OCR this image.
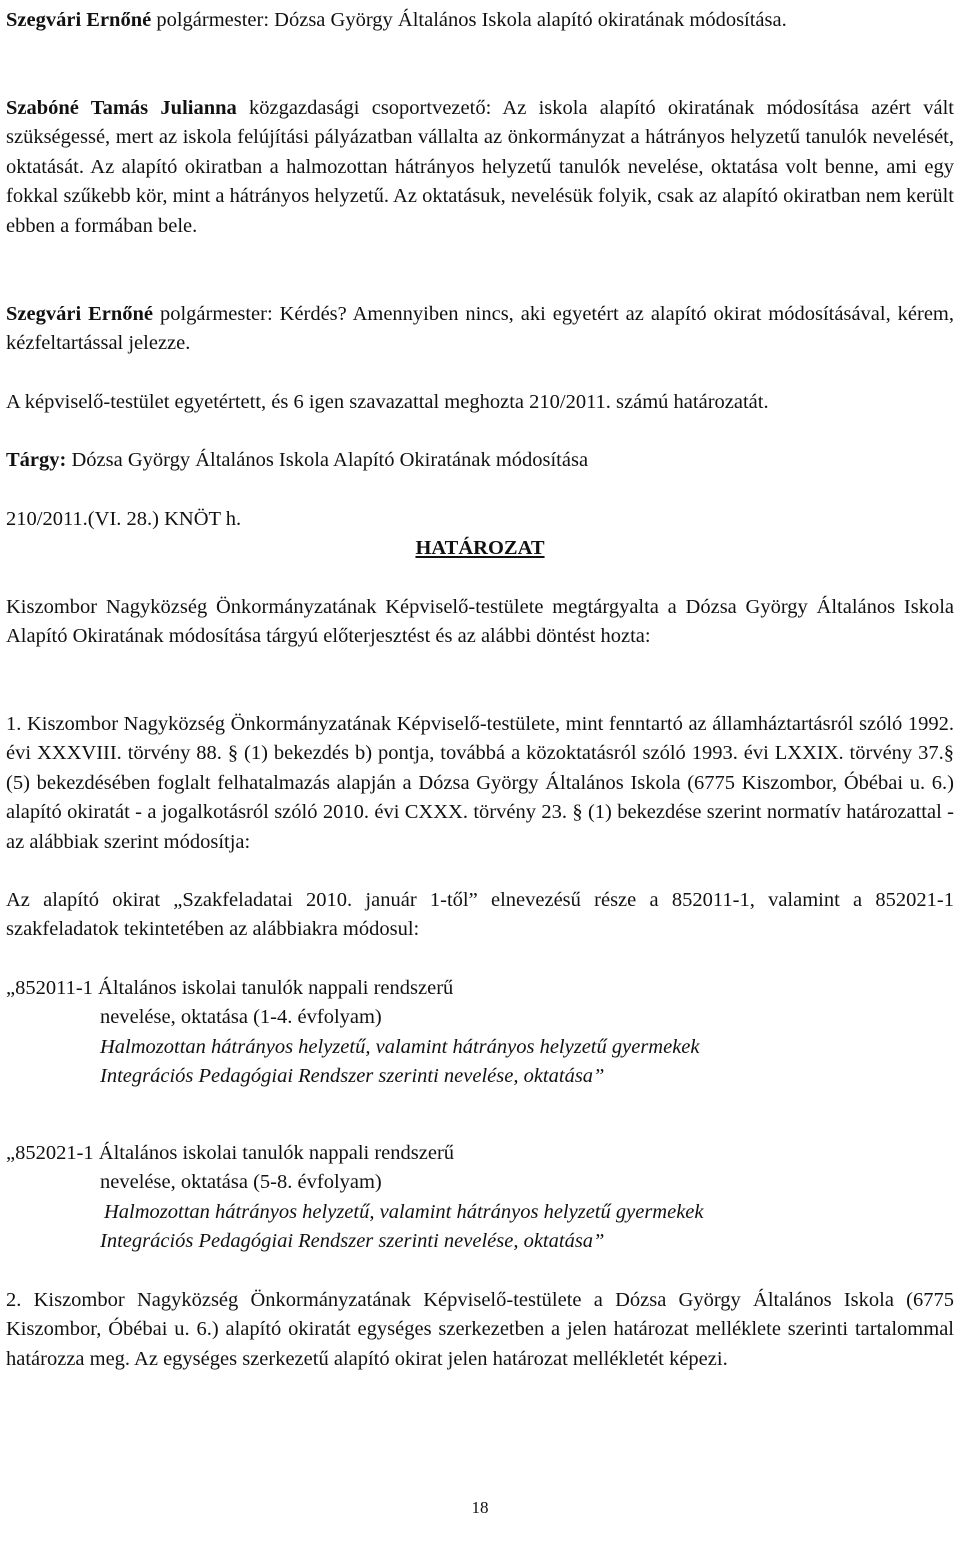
Szegvári Ernőné polgármester: Dózsa György Általános Iskola alapító okiratának módosítása.
Szabóné Tamás Julianna közgazdasági csoportvezető: Az iskola alapító okiratának módosítása azért vált szükségessé, mert az iskola felújítási pályázatban vállalta az önkormányzat a hátrányos helyzetű tanulók nevelését, oktatását. Az alapító okiratban a halmozottan hátrányos helyzetű tanulók nevelése, oktatása volt benne, ami egy fokkal szűkebb kör, mint a hátrányos helyzetű. Az oktatásuk, nevelésük folyik, csak az alapító okiratban nem került ebben a formában bele.
Szegvári Ernőné polgármester: Kérdés? Amennyiben nincs, aki egyetért az alapító okirat módosításával, kérem, kézfeltartással jelezze.
A képviselő-testület egyetértett, és 6 igen szavazattal meghozta 210/2011. számú határozatát.
Tárgy: Dózsa György Általános Iskola Alapító Okiratának módosítása
210/2011.(VI. 28.) KNÖT h.
HATÁROZAT
Kiszombor Nagyközség Önkormányzatának Képviselő-testülete megtárgyalta a Dózsa György Általános Iskola Alapító Okiratának módosítása tárgyú előterjesztést és az alábbi döntést hozta:
1. Kiszombor Nagyközség Önkormányzatának Képviselő-testülete, mint fenntartó az államháztartásról szóló 1992. évi XXXVIII. törvény 88. § (1) bekezdés b) pontja, továbbá a közoktatásról szóló 1993. évi LXXIX. törvény 37.§ (5) bekezdésében foglalt felhatalmazás alapján a Dózsa György Általános Iskola (6775 Kiszombor, Óbébai u. 6.) alapító okiratát - a jogalkotásról szóló 2010. évi CXXX. törvény 23. § (1) bekezdése szerint normatív határozattal - az alábbiak szerint módosítja:
Az alapító okirat „Szakfeladatai 2010. január 1-től” elnevezésű része a 852011-1, valamint a 852021-1 szakfeladatok tekintetében az alábbiakra módosul:
„852011-1 Általános iskolai tanulók nappali rendszerű
nevelése, oktatása (1-4. évfolyam)
Halmozottan hátrányos helyzetű, valamint hátrányos helyzetű gyermekek
Integrációs Pedagógiai Rendszer szerinti nevelése, oktatása”
„852021-1 Általános iskolai tanulók nappali rendszerű
nevelése, oktatása (5-8. évfolyam)
Halmozottan hátrányos helyzetű, valamint hátrányos helyzetű gyermekek
Integrációs Pedagógiai Rendszer szerinti nevelése, oktatása”
2. Kiszombor Nagyközség Önkormányzatának Képviselő-testülete a Dózsa György Általános Iskola (6775 Kiszombor, Óbébai u. 6.) alapító okiratát egységes szerkezetben a jelen határozat melléklete szerinti tartalommal határozza meg. Az egységes szerkezetű alapító okirat jelen határozat mellékletét képezi.
18
